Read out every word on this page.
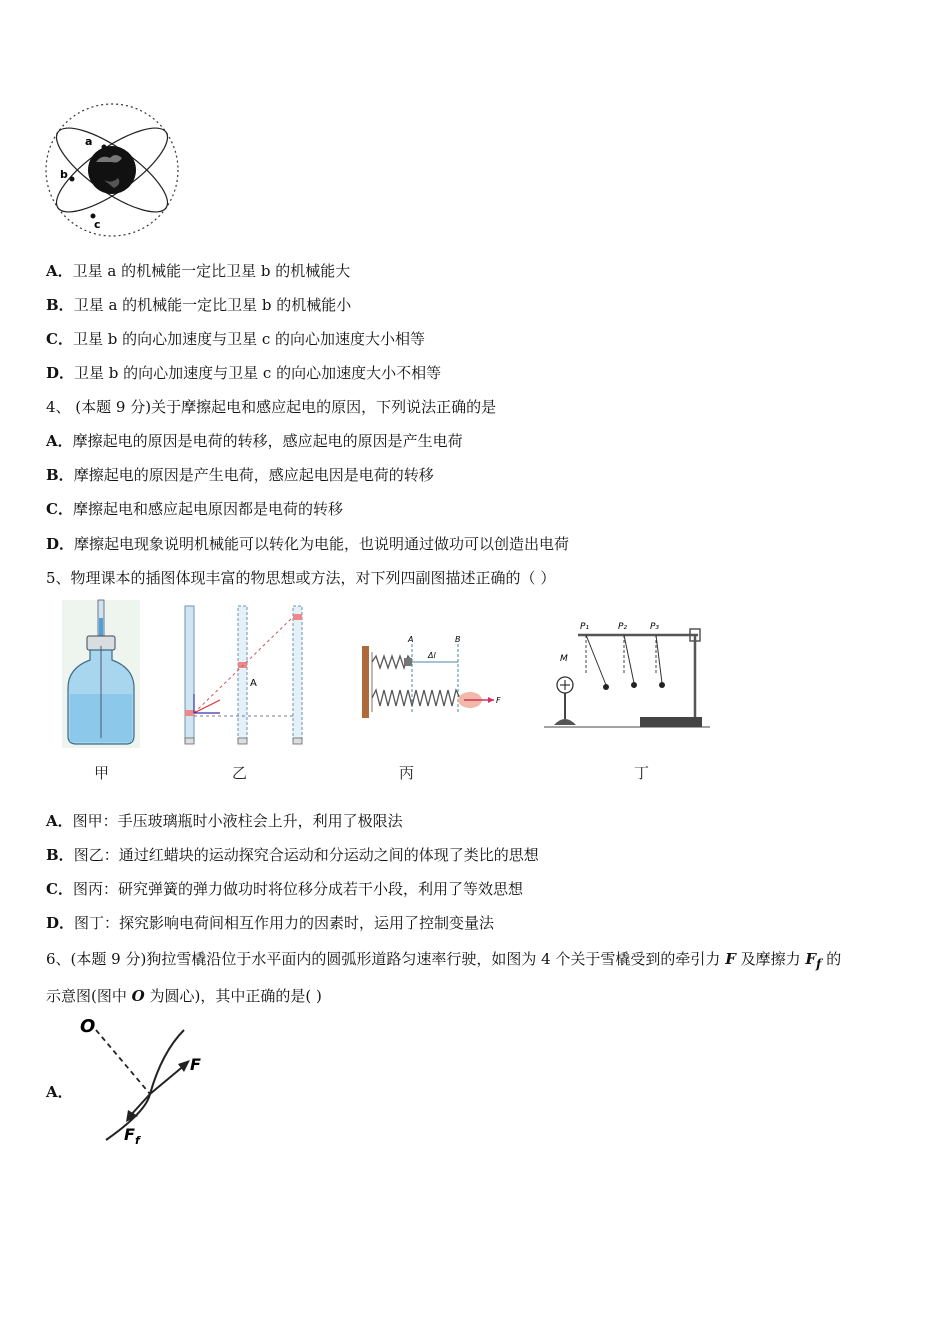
a
b
c
A．卫星 a 的机械能一定比卫星 b 的机械能大
B．卫星 a 的机械能一定比卫星 b 的机械能小
C．卫星 b 的向心加速度与卫星 c 的向心加速度大小相等
D．卫星 b 的向心加速度与卫星 c 的向心加速度大小不相等
4、 (本题 9 分)关于摩擦起电和感应起电的原因，下列说法正确的是
A．摩擦起电的原因是电荷的转移，感应起电的原因是产生电荷
B．摩擦起电的原因是产生电荷，感应起电因是电荷的转移
C．摩擦起电和感应起电原因都是电荷的转移
D．摩擦起电现象说明机械能可以转化为电能，也说明通过做功可以创造出电荷
5、物理课本的插图体现丰富的物思想或方法，对下列四副图描述正确的（ ）
甲
A
乙
A	B
Δl
F
丙
P₁	P₂	P₃
M
丁
A．图甲：手压玻璃瓶时小液柱会上升，利用了极限法
B．图乙：通过红蜡块的运动探究合运动和分运动之间的体现了类比的思想
C．图丙：研究弹簧的弹力做功时将位移分成若干小段，利用了等效思想
D．图丁：探究影响电荷间相互作用力的因素时，运用了控制变量法
6、(本题 9 分)狗拉雪橇沿位于水平面内的圆弧形道路匀速率行驶，如图为 4 个关于雪橇受到的牵引力 F 及摩擦力 $F_f$ 的
示意图(图中 O 为圆心)，其中正确的是( )
A．
O
F
$F_f$
